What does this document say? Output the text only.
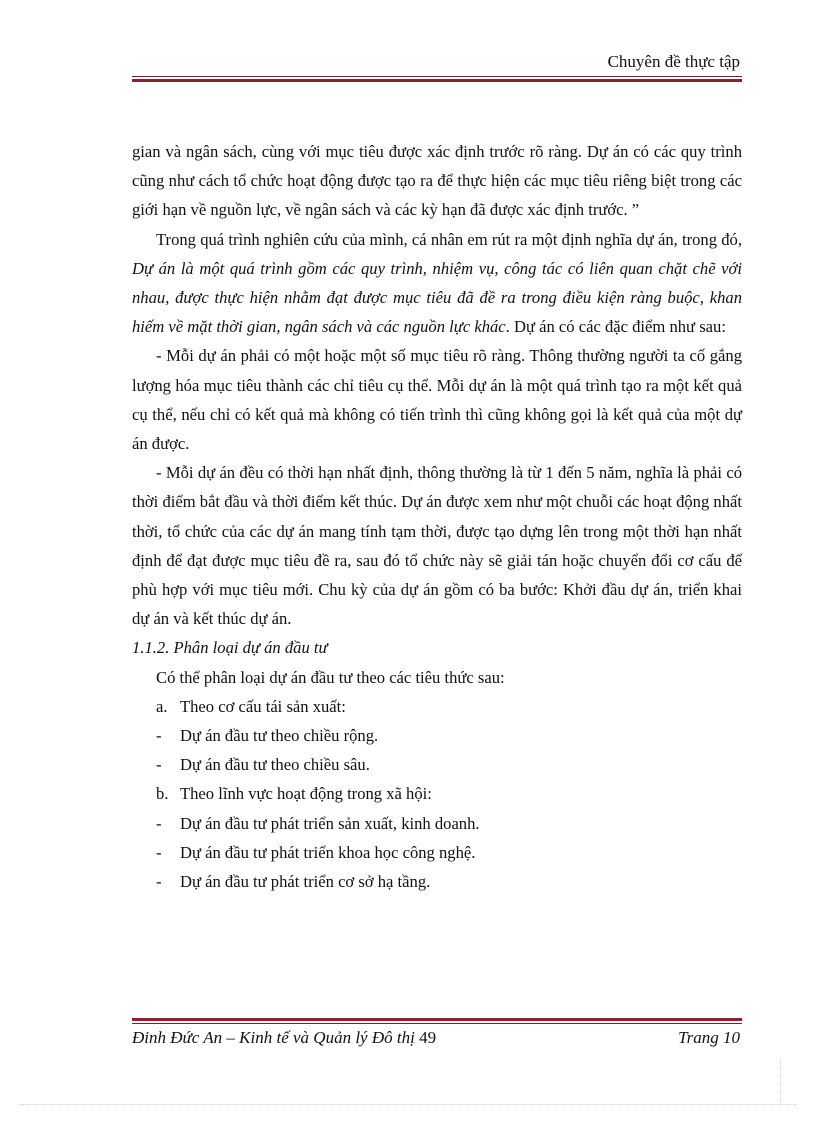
Chuyên đề thực tập

gian và ngân sách, cùng với mục tiêu được xác định trước rõ ràng. Dự án có các quy trình cũng như cách tổ chức hoạt động được tạo ra để thực hiện các mục tiêu riêng biệt trong các giới hạn về nguồn lực, về ngân sách và các kỳ hạn đã được xác định trước. ”

Trong quá trình nghiên cứu của mình, cá nhân em rút ra một định nghĩa dự án, trong đó, Dự án là một quá trình gồm các quy trình, nhiệm vụ, công tác có liên quan chặt chẽ với nhau, được thực hiện nhằm đạt được mục tiêu đã đề ra trong điều kiện ràng buộc, khan hiếm về mặt thời gian, ngân sách và các nguồn lực khác. Dự án có các đặc điểm như sau:

- Mỗi dự án phải có một hoặc một số mục tiêu rõ ràng. Thông thường người ta cố gắng lượng hóa mục tiêu thành các chỉ tiêu cụ thể. Mỗi dự án là một quá trình tạo ra một kết quả cụ thể, nếu chỉ có kết quả mà không có tiến trình thì cũng không gọi là kết quả của một dự án được.

- Mỗi dự án đều có thời hạn nhất định, thông thường là từ 1 đến 5 năm, nghĩa là phải có thời điểm bắt đầu và thời điểm kết thúc. Dự án được xem như một chuỗi các hoạt động nhất thời, tổ chức của các dự án mang tính tạm thời, được tạo dựng lên trong một thời hạn nhất định để đạt được mục tiêu đề ra, sau đó tổ chức này sẽ giải tán hoặc chuyển đổi cơ cấu để phù hợp với mục tiêu mới. Chu kỳ của dự án gồm có ba bước: Khởi đầu dự án, triển khai dự án và kết thúc dự án.

1.1.2. Phân loại dự án đầu tư

Có thể phân loại dự án đầu tư theo các tiêu thức sau:

a. Theo cơ cấu tái sản xuất:
-	Dự án đầu tư theo chiều rộng.
-	Dự án đầu tư theo chiều sâu.
b. Theo lĩnh vực hoạt động trong xã hội:
-	Dự án đầu tư phát triển sản xuất, kinh doanh.
-	Dự án đầu tư phát triển khoa học công nghệ.
-	Dự án đầu tư phát triển cơ sở hạ tầng.
Đinh Đức An – Kinh tế và Quản lý Đô thị 49	Trang 10
